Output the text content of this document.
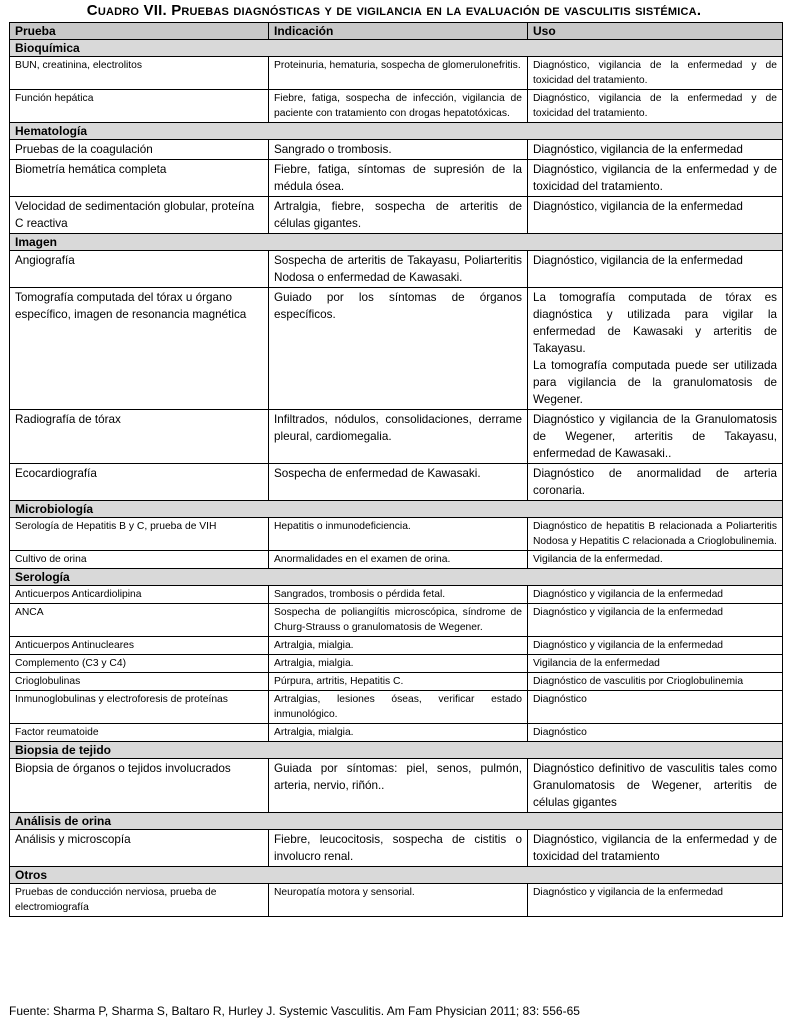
Cuadro VII. Pruebas diagnósticas y de vigilancia en la evaluación de vasculitis sistémica.
Prueba	Indicación	Uso
Bioquímica		
BUN, creatinina, electrolitos	Proteinuria, hematuria, sospecha de glomerulonefritis.	Diagnóstico, vigilancia de la enfermedad y de toxicidad del tratamiento.
Función hepática	Fiebre, fatiga, sospecha de infección, vigilancia de paciente con tratamiento con drogas hepatotóxicas.	Diagnóstico, vigilancia de la enfermedad y de toxicidad del tratamiento.
Hematología		
Pruebas de la coagulación	Sangrado o trombosis.	Diagnóstico, vigilancia de la enfermedad
Biometría hemática completa	Fiebre, fatiga, síntomas de supresión de la médula ósea.	Diagnóstico, vigilancia de la enfermedad y de toxicidad del tratamiento.
Velocidad de sedimentación globular, proteína C reactiva	Artralgia, fiebre, sospecha de arteritis de células gigantes.	Diagnóstico, vigilancia de la enfermedad
Imagen		
Angiografía	Sospecha de arteritis de Takayasu, Poliarteritis Nodosa o enfermedad de Kawasaki.	Diagnóstico, vigilancia de la enfermedad
Tomografía computada del tórax u órgano específico, imagen de resonancia magnética	Guiado por los síntomas de órganos específicos.	La tomografía computada de tórax es diagnóstica y utilizada para vigilar la enfermedad de Kawasaki y arteritis de Takayasu.
La tomografía computada puede ser utilizada para vigilancia de la granulomatosis de Wegener.
Radiografía de tórax	Infiltrados, nódulos, consolidaciones, derrame pleural, cardiomegalia.	Diagnóstico y vigilancia de la Granulomatosis de Wegener, arteritis de Takayasu, enfermedad de Kawasaki..
Ecocardiografía	Sospecha de enfermedad de Kawasaki.	Diagnóstico de anormalidad de arteria coronaria.
Microbiología		
Serología de Hepatitis B y C, prueba de VIH	Hepatitis o inmunodeficiencia.	Diagnóstico de hepatitis B relacionada a Poliarteritis Nodosa y Hepatitis C relacionada a Crioglobulinemia.
Cultivo de orina	Anormalidades en el examen de orina.	Vigilancia de la enfermedad.
Serología		
Anticuerpos Anticardiolipina	Sangrados, trombosis o pérdida fetal.	Diagnóstico y vigilancia de la enfermedad
ANCA	Sospecha de poliangiítis microscópica, síndrome de Churg-Strauss o granulomatosis de Wegener.	Diagnóstico y vigilancia de la enfermedad
Anticuerpos Antinucleares	Artralgia, mialgia.	Diagnóstico y vigilancia de la enfermedad
Complemento (C3 y C4)	Artralgia, mialgia.	Vigilancia de la enfermedad
Crioglobulinas	Púrpura, artritis, Hepatitis C.	Diagnóstico de vasculitis por Crioglobulinemia
Inmunoglobulinas y electroforesis de proteínas	Artralgias, lesiones óseas, verificar estado inmunológico.	Diagnóstico
Factor reumatoide	Artralgia, mialgia.	Diagnóstico
Biopsia de tejido		
Biopsia de órganos o tejidos involucrados	Guiada por síntomas: piel, senos, pulmón, arteria, nervio, riñón..	Diagnóstico definitivo de vasculitis tales como Granulomatosis de Wegener, arteritis de células gigantes
Análisis de orina		
Análisis y microscopía	Fiebre, leucocitosis, sospecha de cistitis o involucro renal.	Diagnóstico, vigilancia de la enfermedad y de toxicidad del tratamiento
Otros		
Pruebas de conducción nerviosa, prueba de electromiografía	Neuropatía motora y sensorial.	Diagnóstico y vigilancia de la enfermedad
Fuente: Sharma P, Sharma S, Baltaro R, Hurley J. Systemic Vasculitis. Am Fam Physician 2011; 83: 556-65
